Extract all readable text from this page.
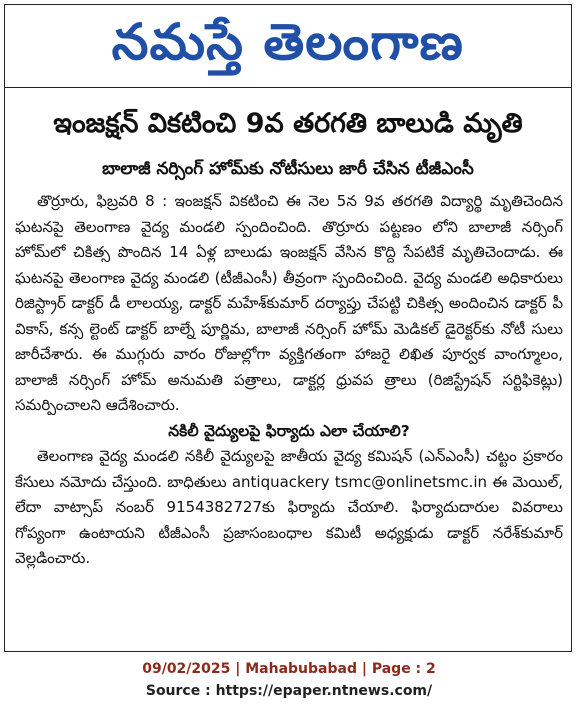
నమస్తే తెలంగాణ
ఇంజక్షన్ వికటించి 9వ తరగతి బాలుడి మృతి
బాలాజీ నర్సింగ్ హోమ్‌కు నోటీసులు జారీ చేసిన టీజీఎంసీ

తొర్రూరు, ఫిబ్రవరి 8 : ఇంజక్షన్ వికటించి ఈ నెల 5న 9వ తరగతి విద్యార్థి మృతిచెందిన ఘటనపై తెలంగాణ వైద్య మండలి స్పందించింది. తొర్రూరు పట్టణం లోని బాలాజీ నర్సింగ్ హోమ్‌లో చికిత్స పొందిన 14 ఏళ్ల బాలుడు ఇంజక్షన్ వేసిన కొద్ది సేపటికే మృతిచెందాడు. ఈ ఘటనపై తెలంగాణ వైద్య మండలి (టీజీఎంసీ) తీవ్రంగా స్పందించింది. వైద్య మండలి అధికారులు రిజిస్ట్రార్ డాక్టర్ డీ లాలయ్య, డాక్టర్ మహేశ్‌కుమార్ దర్యాప్తు చేపట్టి చికిత్స అందించిన డాక్టర్ పీ వికాస్, కన్స ల్టెంట్ డాక్టర్ బాల్నే పూర్ణిమ, బాలాజీ నర్సింగ్ హోమ్ మెడికల్ డైరెక్టర్‌కు నోటీ సులు జారీచేశారు. ఈ ముగ్గురు వారం రోజుల్లోగా వ్యక్తిగతంగా హాజరై లిఖిత పూర్వక వాంగ్మూలం, బాలాజీ నర్సింగ్ హోమ్ అనుమతి పత్రాలు, డాక్టర్ల ధ్రువప త్రాలు (రిజిస్ట్రేషన్ సర్టిఫికెట్లు) సమర్పించాలని ఆదేశించారు.

నకిలీ వైద్యులపై ఫిర్యాదు ఎలా చేయాలి?

తెలంగాణ వైద్య మండలి నకిలీ వైద్యులపై జాతీయ వైద్య కమిషన్ (ఎన్ఎంసీ) చట్టం ప్రకారం కేసులు నమోదు చేస్తుంది. బాధితులు antiquackery tsmc@onlinetsmc.in ఈ మెయిల్, లేదా వాట్సాప్ నంబర్ 9154382727కు ఫిర్యాదు చేయాలి. ఫిర్యాదుదారుల వివరాలు గోప్యంగా ఉంటాయని టీజీఎంసీ ప్రజాసంబంధాల కమిటీ అధ్యక్షుడు డాక్టర్ నరేశ్‌కుమార్ వెల్లడించారు.

09/02/2025 | Mahabubabad | Page : 2
Source : https://epaper.ntnews.com/
